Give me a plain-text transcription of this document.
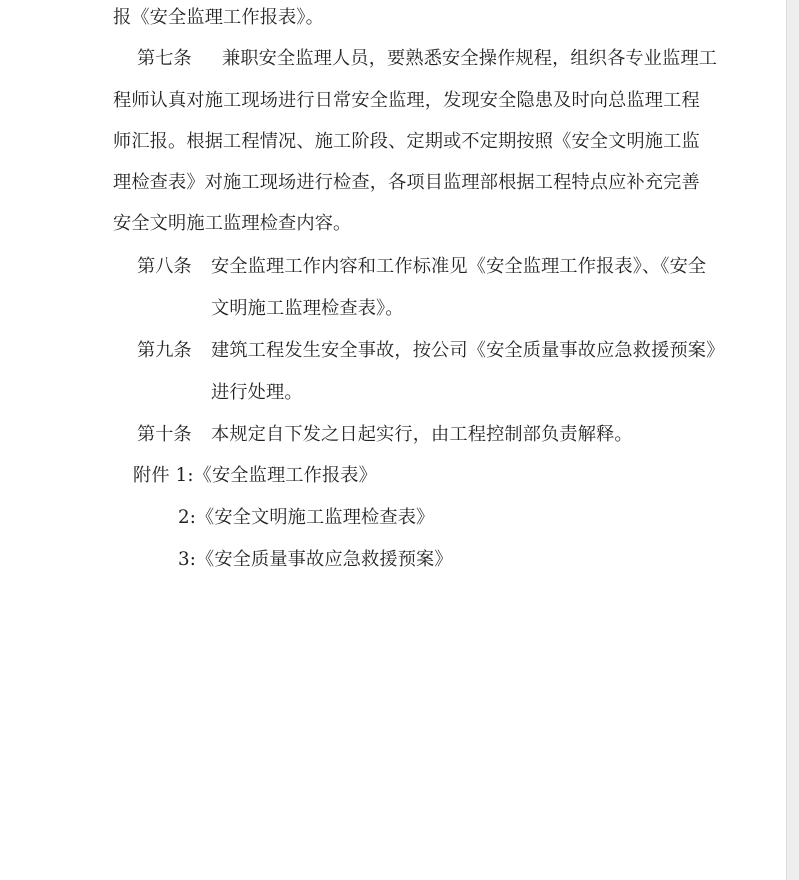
报《安全监理工作报表》。
第七条 兼职安全监理人员，要熟悉安全操作规程，组织各专业监理工
程师认真对施工现场进行日常安全监理，发现安全隐患及时向总监理工程
师汇报。根据工程情况、施工阶段、定期或不定期按照《安全文明施工监
理检查表》对施工现场进行检查，各项目监理部根据工程特点应补充完善
安全文明施工监理检查内容。
第八条 安全监理工作内容和工作标准见《安全监理工作报表》、《安全
文明施工监理检查表》。
第九条 建筑工程发生安全事故，按公司《安全质量事故应急救援预案》
进行处理。
第十条 本规定自下发之日起实行，由工程控制部负责解释。
附件 1:《安全监理工作报表》
2:《安全文明施工监理检查表》
3:《安全质量事故应急救援预案》
